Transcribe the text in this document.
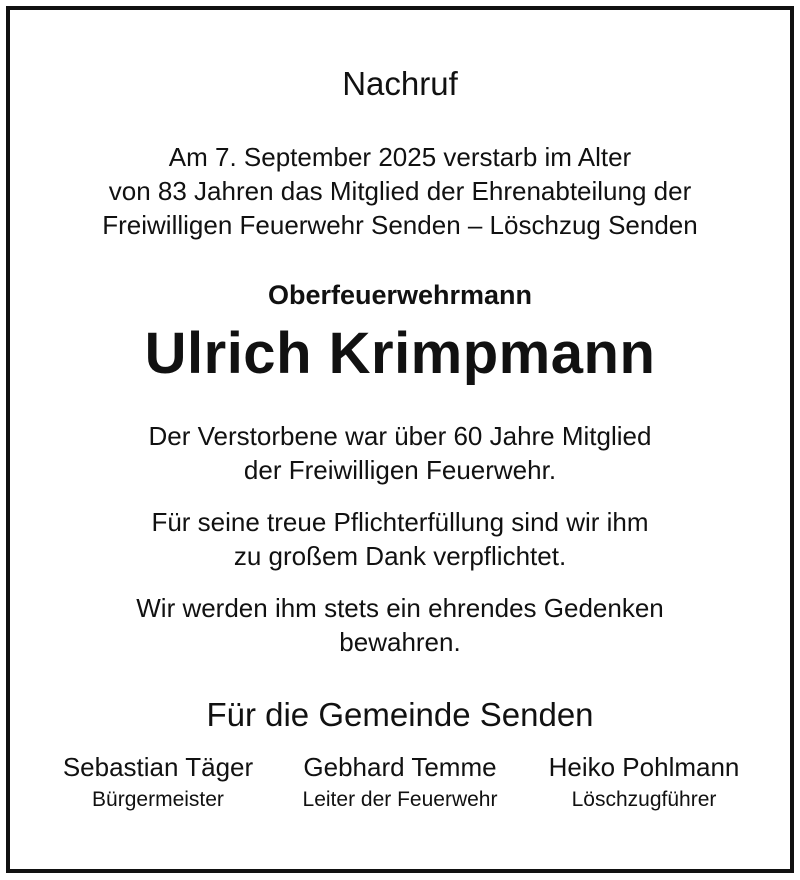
Nachruf
Am 7. September 2025 verstarb im Alter
von 83 Jahren das Mitglied der Ehrenabteilung der
Freiwilligen Feuerwehr Senden – Löschzug Senden
Oberfeuerwehrmann
Ulrich Krimpmann
Der Verstorbene war über 60 Jahre Mitglied
der Freiwilligen Feuerwehr.
Für seine treue Pflichterfüllung sind wir ihm
zu großem Dank verpflichtet.
Wir werden ihm stets ein ehrendes Gedenken
bewahren.
Für die Gemeinde Senden
Sebastian Täger
Bürgermeister
Gebhard Temme
Leiter der Feuerwehr
Heiko Pohlmann
Löschzugführer
